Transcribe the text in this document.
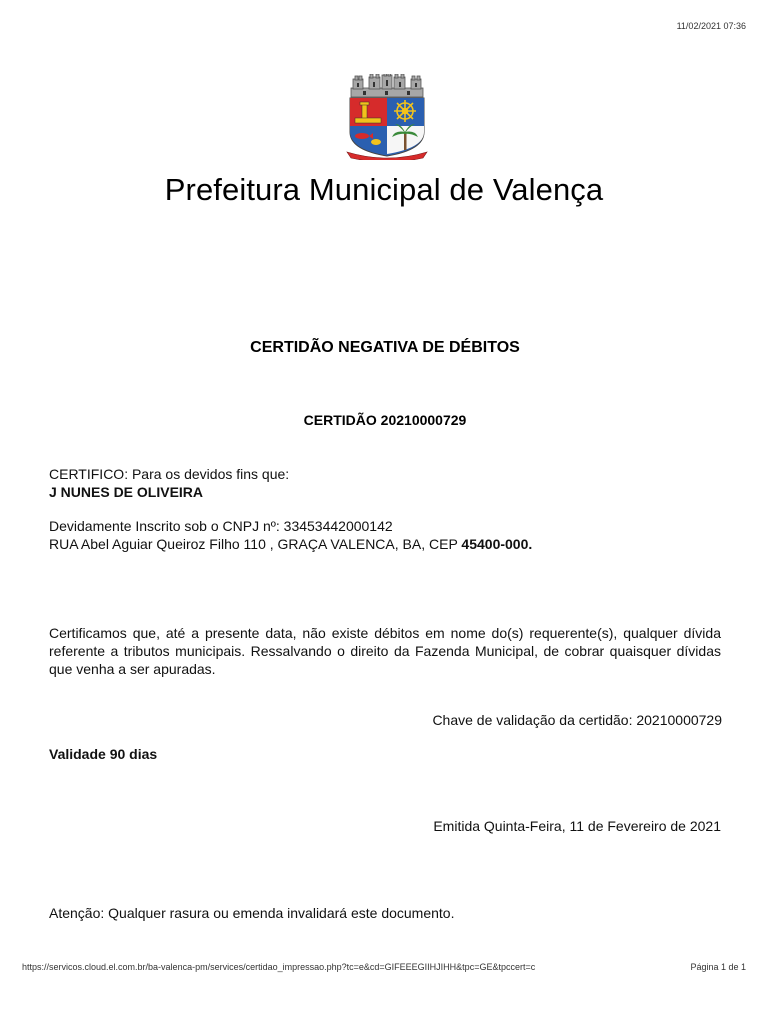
11/02/2021 07:36
Prefeitura Municipal de Valença
CERTIDÃO NEGATIVA DE DÉBITOS
CERTIDÃO 20210000729
CERTIFICO: Para os devidos fins que:
J NUNES DE OLIVEIRA
Devidamente Inscrito sob o CNPJ nº: 33453442000142
RUA Abel Aguiar Queiroz Filho 110 , GRAÇA VALENCA, BA, CEP 45400-000.
Certificamos que, até a presente data, não existe débitos em nome do(s) requerente(s), qualquer dívida referente a tributos municipais. Ressalvando o direito da Fazenda Municipal, de cobrar quaisquer dívidas que venha a ser apuradas.
Chave de validação da certidão: 20210000729
Validade 90 dias
Emitida Quinta-Feira, 11 de Fevereiro de 2021
Atenção: Qualquer rasura ou emenda invalidará este documento.
https://servicos.cloud.el.com.br/ba-valenca-pm/services/certidao_impressao.php?tc=e&cd=GIFEEEGIIHJIHH&tpc=GE&tpccert=c	Página 1 de 1
